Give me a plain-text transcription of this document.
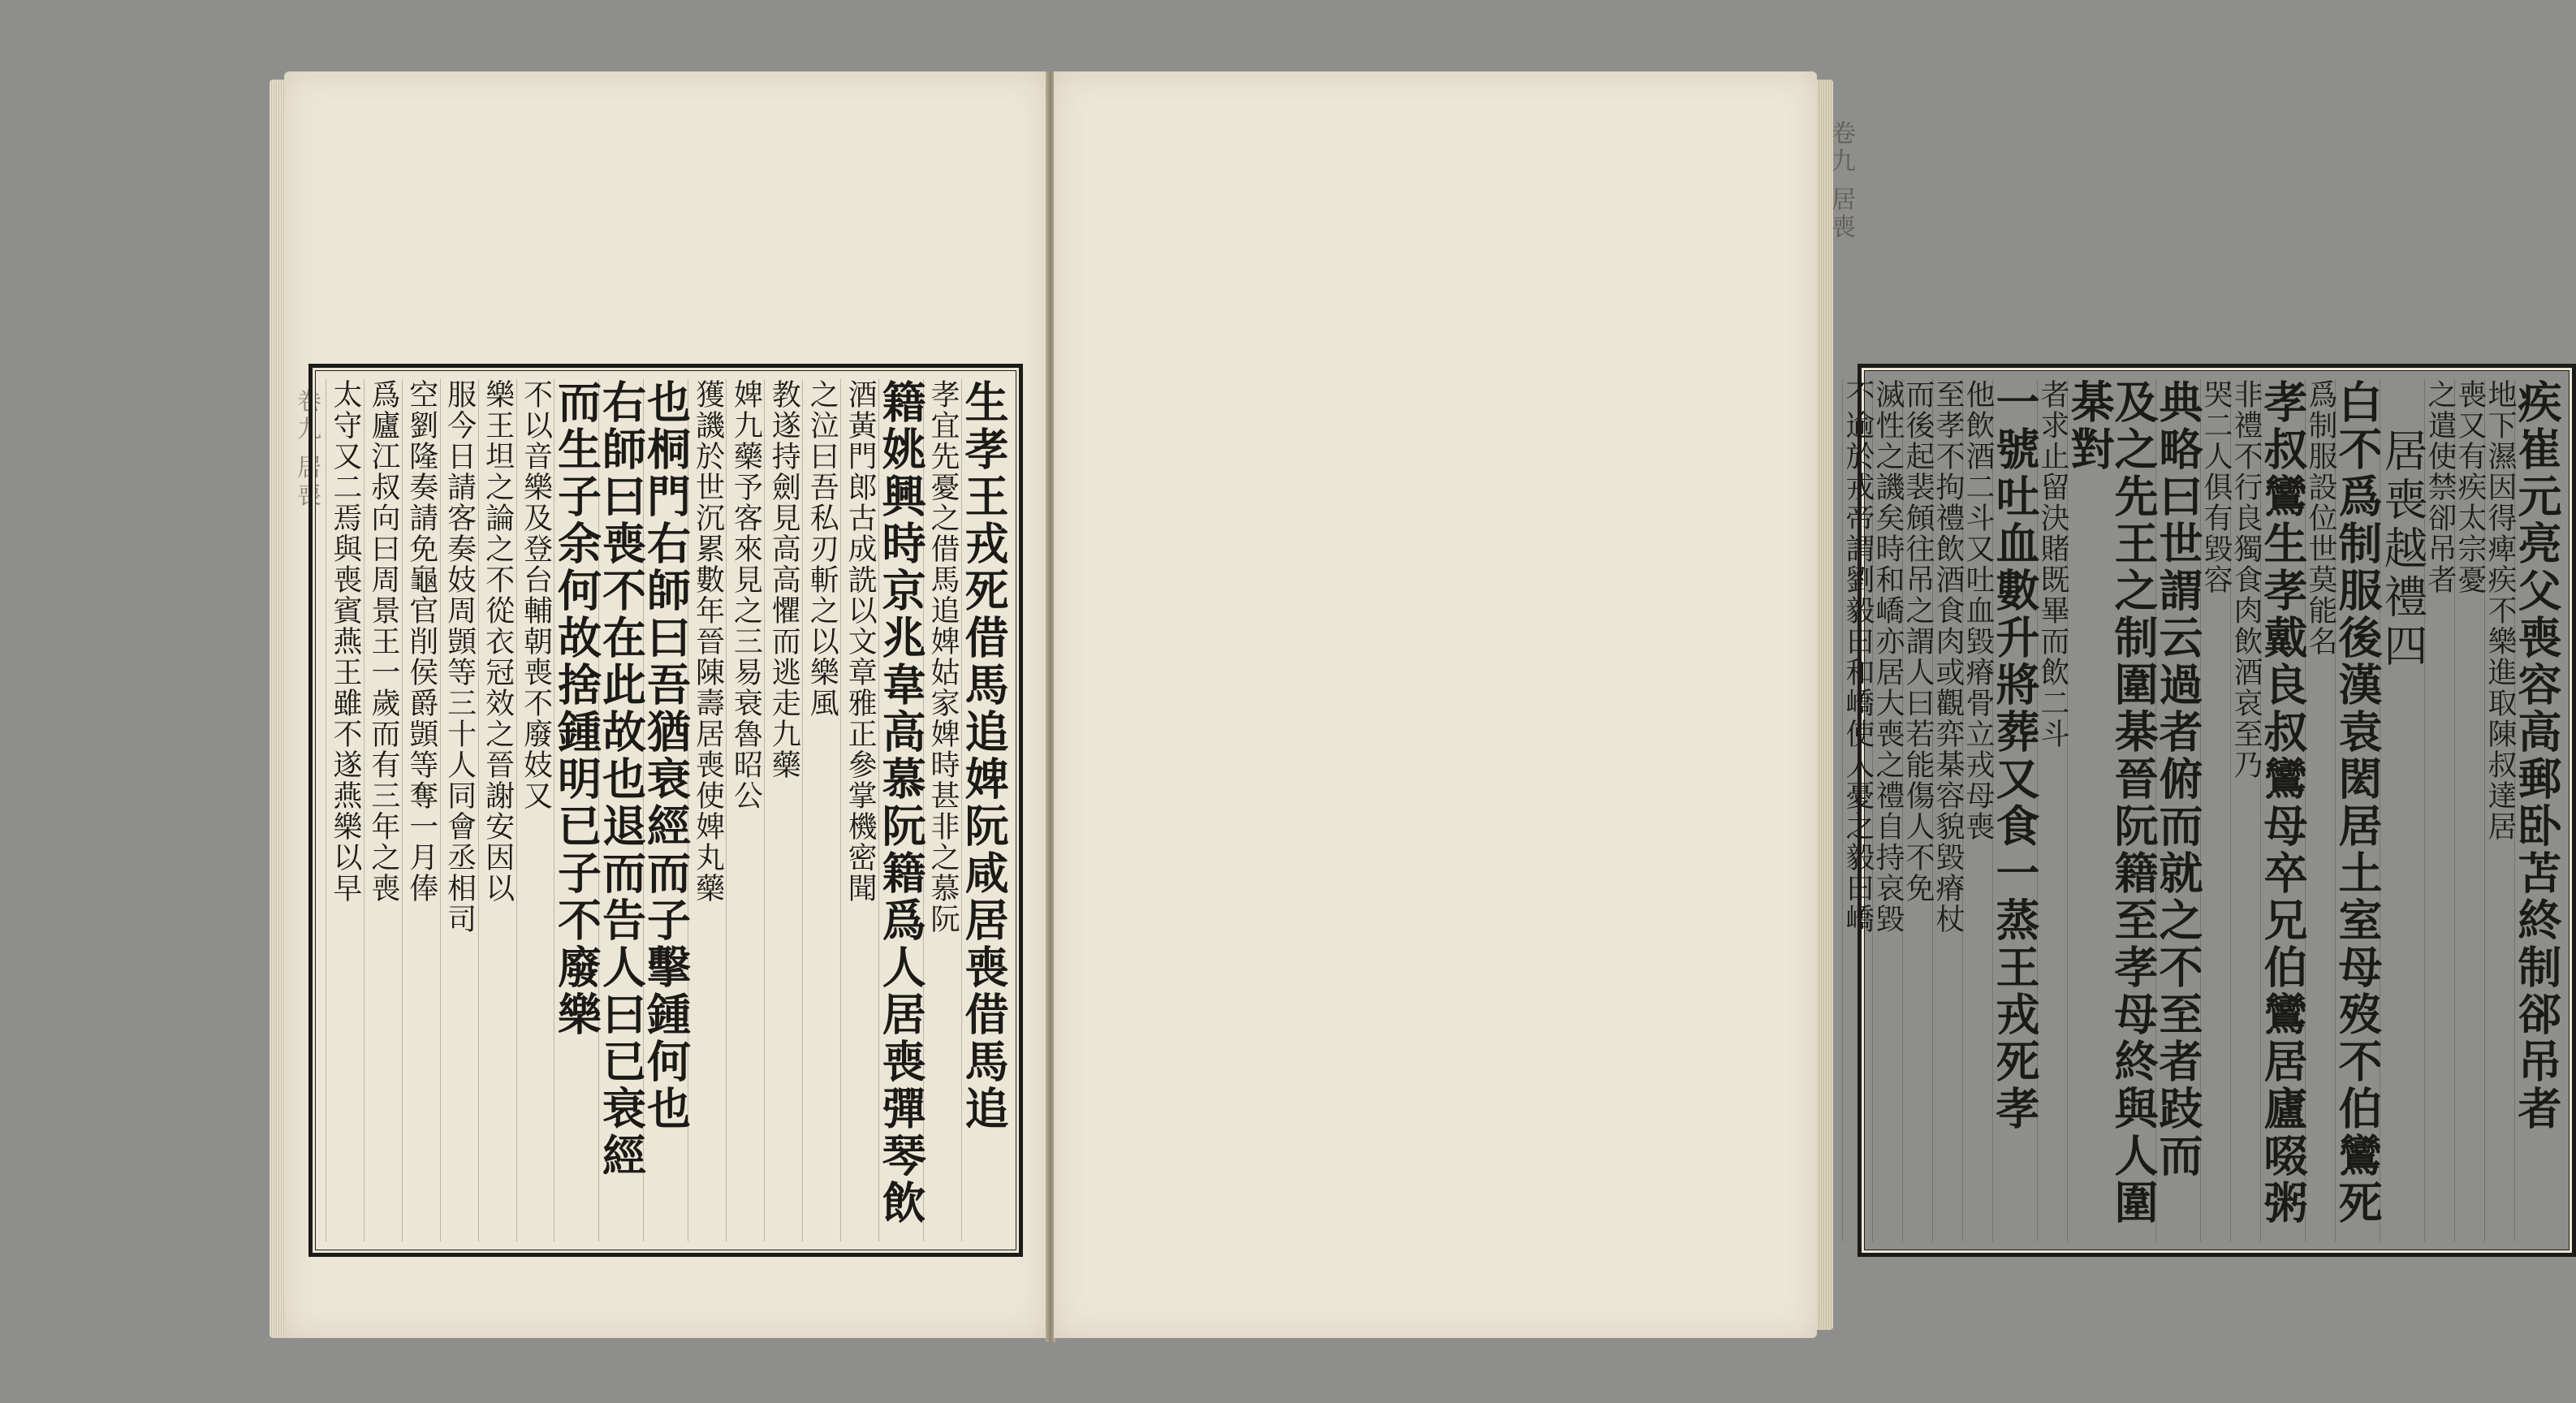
卷九 居喪	生孝王戎死借馬追婢阮咸居喪借馬追
孝宜先憂之借馬追婢姑家婢時甚非之慕阮
籍姚興時京兆韋高慕阮籍爲人居喪彈琴飲
酒黃門郎古成詵以文章雅正參掌機密聞
之泣曰吾私刃斬之以樂風
教遂持劍見高高懼而逃走九藥
婢九藥予客來見之三易衰魯昭公
獲譏於世沉累數年晉陳壽居喪使婢丸藥
也桐門右師曰吾猶衰經而子擊鍾何也
右師曰喪不在此故也退而告人曰已衰經
而生子余何故捨鍾明已子不廢樂
不以音樂及登台輔朝喪不廢妓又
樂王坦之論之不從衣冠效之晉謝安因以
服今日請客奏妓周顗等三十人同會丞相司
空劉隆奏請免龜官削侯爵顗等奪一月俸
爲廬江叔向曰周景王一歲而有三年之喪
太守又二焉與喪賓燕王雖不遂燕樂以早	疾崔元亮父喪容高郵卧苫終制郤吊者
地下濕因得痺疾不樂進取陳叔達居
喪又有疾太宗憂
之遣使禁卻吊者
居喪越禮四
白不爲制服後漢袁閎居土室母歿不伯鸞死
爲制服設位世莫能名
孝叔鸞生孝戴良叔鸞母卒兄伯鸞居廬啜粥
非禮不行良獨食肉飲酒哀至乃
哭二人俱有毀容
典略曰世謂云過者俯而就之不至者跂而
及之先王之制圍棊晉阮籍至孝母終與人圍棊對
者求止留決賭既畢而飲二斗
一號吐血數升將葬又食一蒸王戎死孝
他飲酒二斗又吐血毀瘠骨立戎母喪
至孝不拘禮飲酒食肉或觀弈棊容貌毀瘠杖
而後起裴頠往吊之謂人曰若能傷人不免
滅性之譏矣時和嶠亦居大喪之禮自持哀毀
不逾於戎帝謂劉毅曰和嶠使人憂之毅曰嶠
卷九 居喪
